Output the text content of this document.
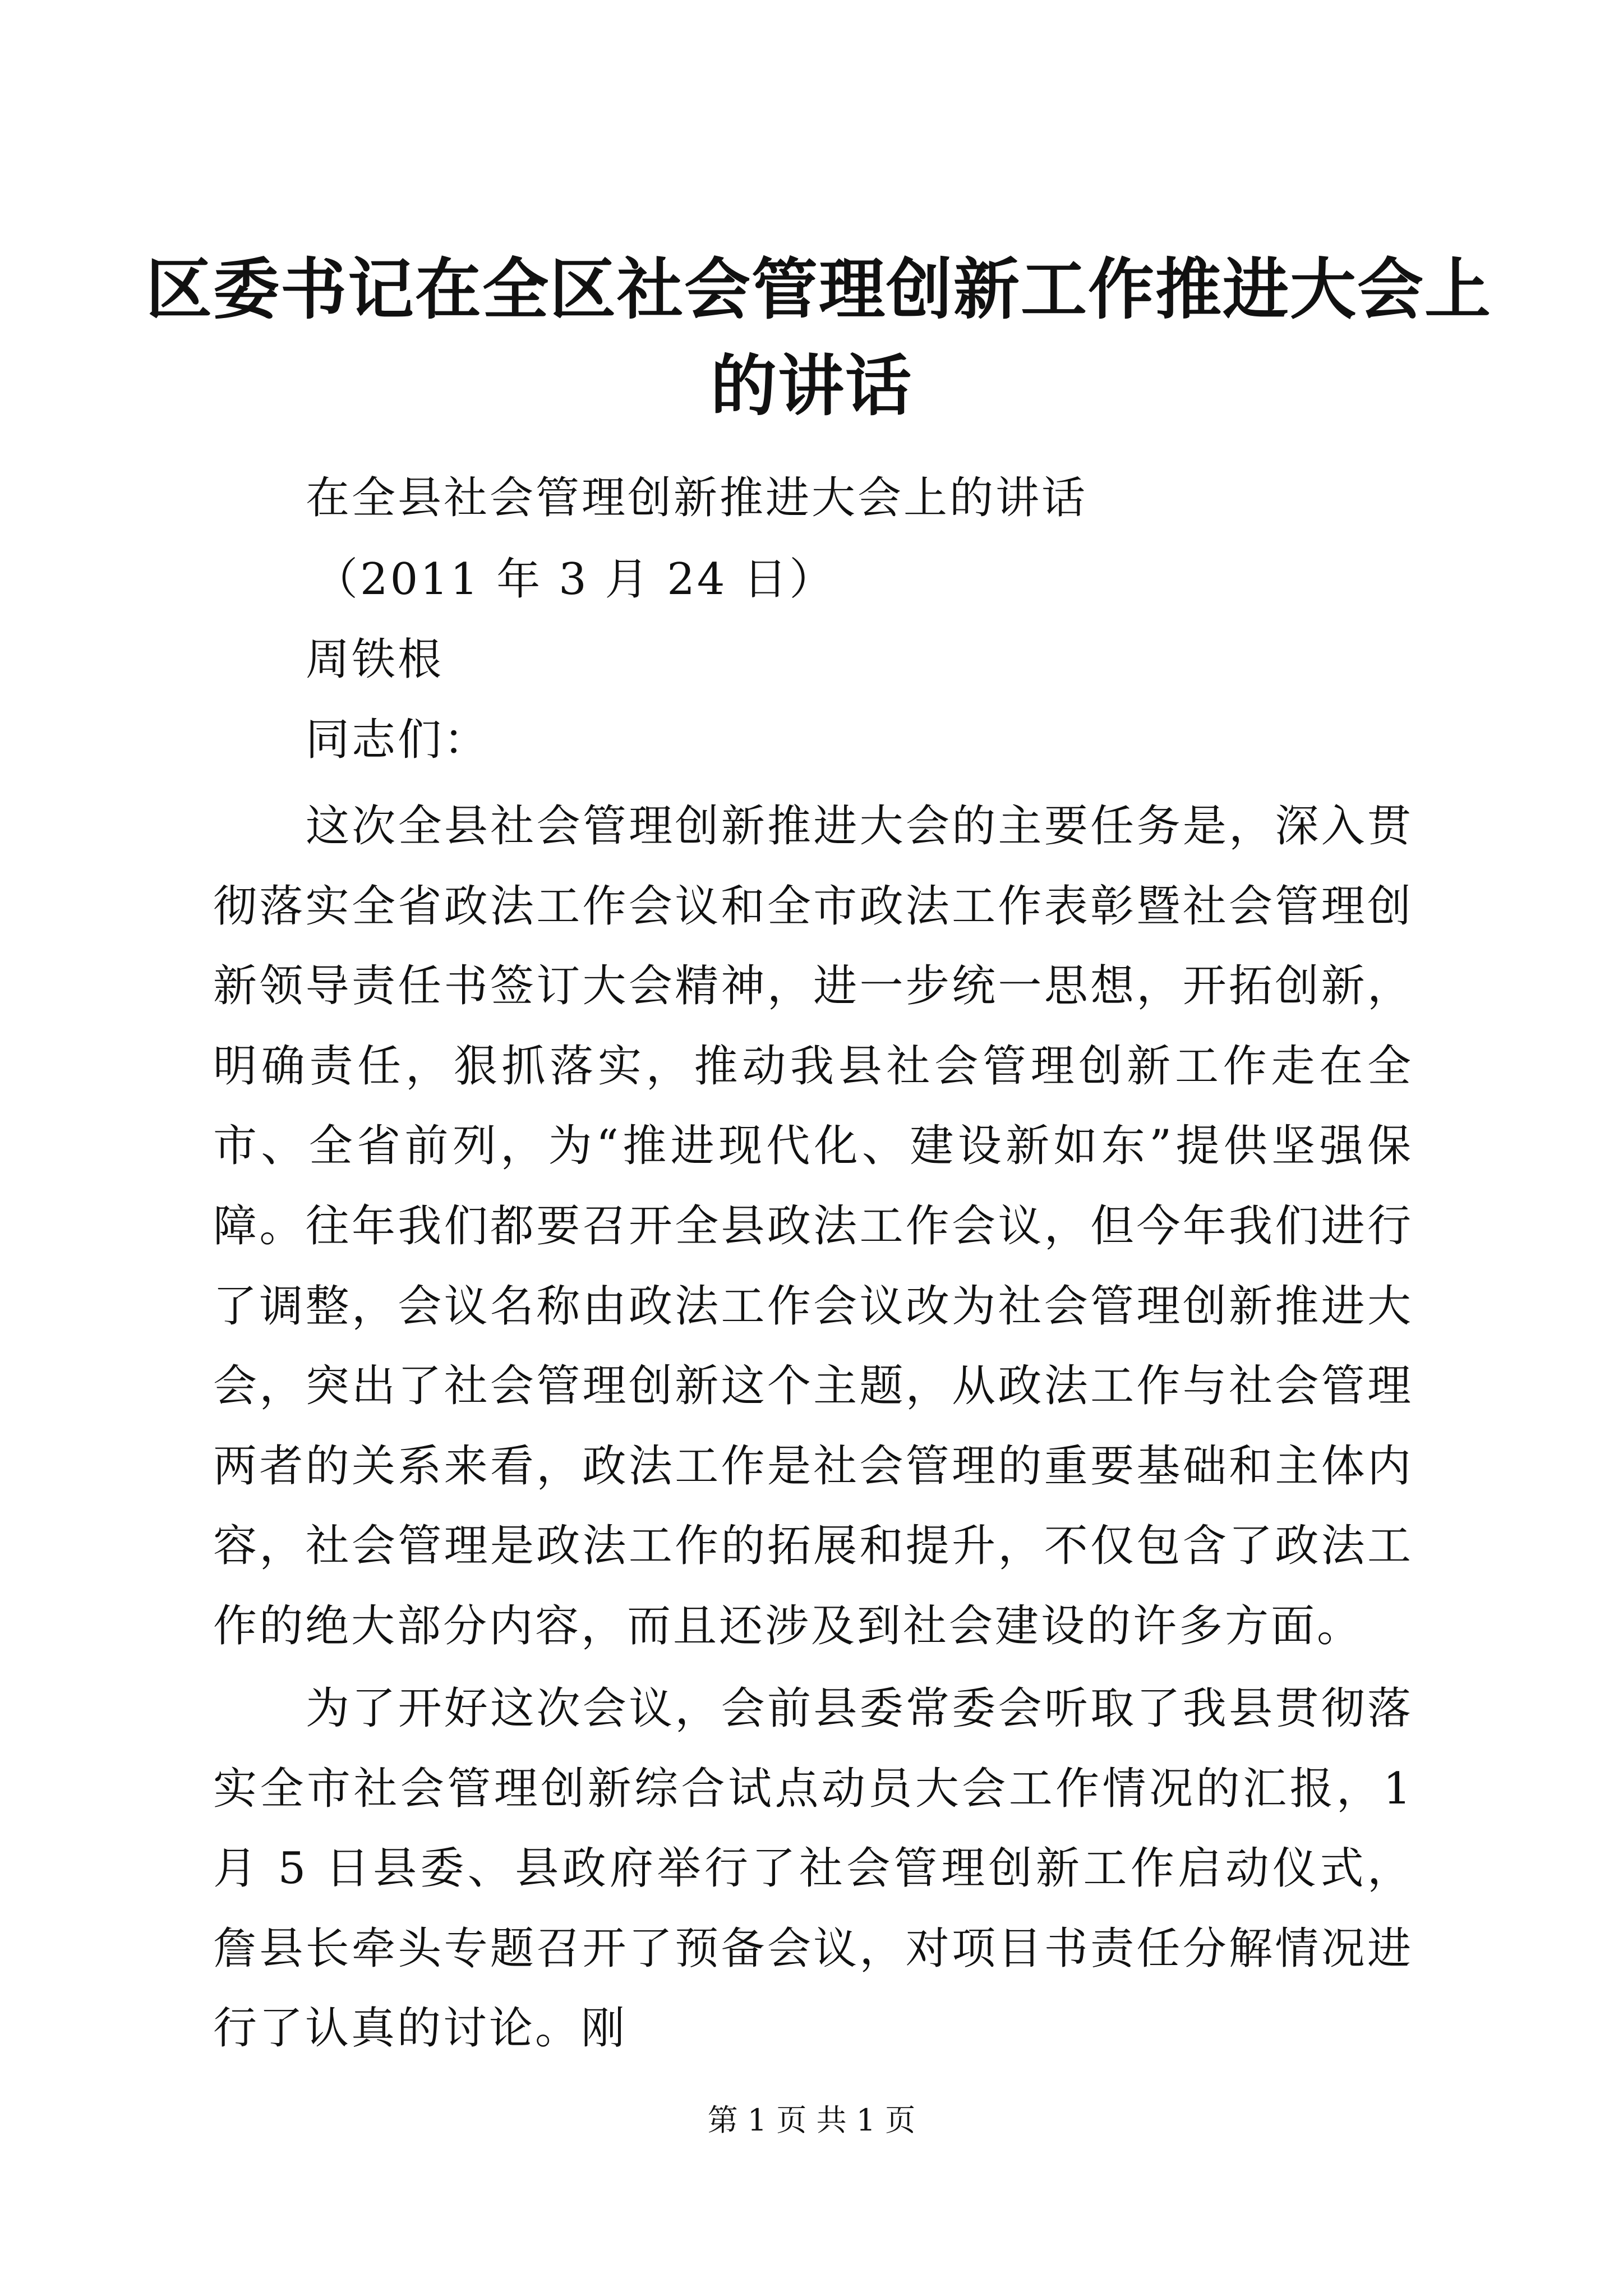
区委书记在全区社会管理创新工作推进大会上
的讲话
在全县社会管理创新推进大会上的讲话
（2011 年 3 月 24 日）
周铁根
同志们：

这次全县社会管理创新推进大会的主要任务是，深入贯彻落实全省政法工作会议和全市政法工作表彰暨社会管理创新领导责任书签订大会精神，进一步统一思想，开拓创新，明确责任，狠抓落实，推动我县社会管理创新工作走在全市、全省前列，为“推进现代化、建设新如东”提供坚强保障。往年我们都要召开全县政法工作会议，但今年我们进行了调整，会议名称由政法工作会议改为社会管理创新推进大会，突出了社会管理创新这个主题，从政法工作与社会管理两者的关系来看，政法工作是社会管理的重要基础和主体内容，社会管理是政法工作的拓展和提升，不仅包含了政法工作的绝大部分内容，而且还涉及到社会建设的许多方面。

为了开好这次会议，会前县委常委会听取了我县贯彻落实全市社会管理创新综合试点动员大会工作情况的汇报，1 月 5 日县委、县政府举行了社会管理创新工作启动仪式，詹县长牵头专题召开了预备会议，对项目书责任分解情况进行了认真的讨论。刚

第 1 页 共 1 页
